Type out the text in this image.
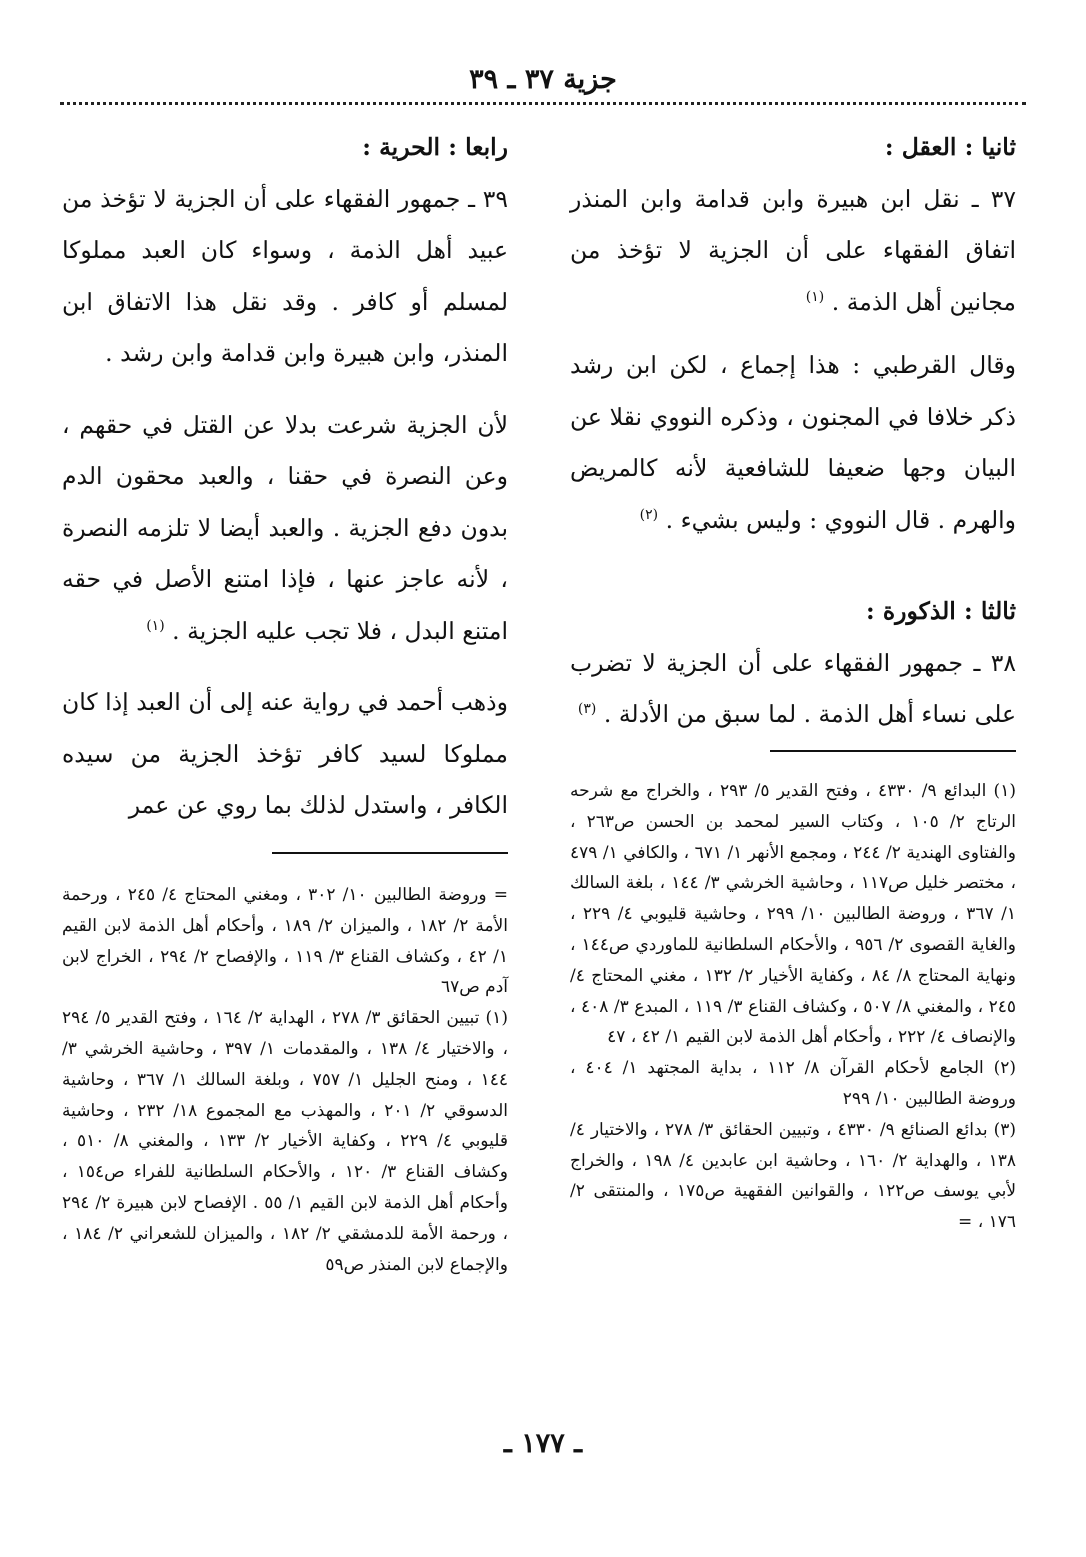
جزية ٣٧ ـ ٣٩

ثانيا : العقل :

٣٧ ـ نقل ابن هبيرة وابن قدامة وابن المنذر اتفاق الفقهاء على أن الجزية لا تؤخذ من مجانين أهل الذمة . $^{(١)}$

وقال القرطبي : هذا إجماع ، لكن ابن رشد ذكر خلافا في المجنون ، وذكره النووي نقلا عن البيان وجها ضعيفا للشافعية لأنه كالمريض والهرم . قال النووي : وليس بشيء . $^{(٢)}$

ثالثا : الذكورة :

٣٨ ـ جمهور الفقهاء على أن الجزية لا تضرب على نساء أهل الذمة . لما سبق من الأدلة . $^{(٣)}$

رابعا : الحرية :

٣٩ ـ جمهور الفقهاء على أن الجزية لا تؤخذ من عبيد أهل الذمة ، وسواء كان العبد مملوكا لمسلم أو كافر . وقد نقل هذا الاتفاق ابن المنذر، وابن هبيرة وابن قدامة وابن رشد .

لأن الجزية شرعت بدلا عن القتل في حقهم ، وعن النصرة في حقنا ، والعبد محقون الدم بدون دفع الجزية . والعبد أيضا لا تلزمه النصرة ، لأنه عاجز عنها ، فإذا امتنع الأصل في حقه امتنع البدل ، فلا تجب عليه الجزية . $^{(١)}$

وذهب أحمد في رواية عنه إلى أن العبد إذا كان مملوكا لسيد كافر تؤخذ الجزية من سيده الكافر ، واستدل لذلك بما روي عن عمر	(١) البدائع ٩/ ٤٣٣٠ ، وفتح القدير ٥/ ٢٩٣ ، والخراج مع شرحه الرتاج ٢/ ١٠٥ ، وكتاب السير لمحمد بن الحسن ص٢٦٣ ، والفتاوى الهندية ٢/ ٢٤٤ ، ومجمع الأنهر ١/ ٦٧١ ، والكافي ١/ ٤٧٩ ، مختصر خليل ص١١٧ ، وحاشية الخرشي ٣/ ١٤٤ ، بلغة السالك ١/ ٣٦٧ ، وروضة الطالبين ١٠/ ٢٩٩ ، وحاشية قليوبي ٤/ ٢٢٩ ، والغاية القصوى ٢/ ٩٥٦ ، والأحكام السلطانية للماوردي ص١٤٤ ، ونهاية المحتاج ٨/ ٨٤ ، وكفاية الأخيار ٢/ ١٣٢ ، مغني المحتاج ٤/ ٢٤٥ ، والمغني ٨/ ٥٠٧ ، وكشاف القناع ٣/ ١١٩ ، المبدع ٣/ ٤٠٨ ، والإنصاف ٤/ ٢٢٢ ، وأحكام أهل الذمة لابن القيم ١/ ٤٢ ، ٤٧

(٢) الجامع لأحكام القرآن ٨/ ١١٢ ، بداية المجتهد ١/ ٤٠٤ ، وروضة الطالبين ١٠/ ٢٩٩

(٣) بدائع الصنائع ٩/ ٤٣٣٠ ، وتبيين الحقائق ٣/ ٢٧٨ ، والاختيار ٤/ ١٣٨ ، والهداية ٢/ ١٦٠ ، وحاشية ابن عابدين ٤/ ١٩٨ ، والخراج لأبي يوسف ص١٢٢ ، والقوانين الفقهية ص١٧٥ ، والمنتقى ٢/ ١٧٦ ، =

= وروضة الطالبين ١٠/ ٣٠٢ ، ومغني المحتاج ٤/ ٢٤٥ ، ورحمة الأمة ٢/ ١٨٢ ، والميزان ٢/ ١٨٩ ، وأحكام أهل الذمة لابن القيم ١/ ٤٢ ، وكشاف القناع ٣/ ١١٩ ، والإفصاح ٢/ ٢٩٤ ، الخراج لابن آدم ص٦٧

(١) تبيين الحقائق ٣/ ٢٧٨ ، الهداية ٢/ ١٦٤ ، وفتح القدير ٥/ ٢٩٤ ، والاختيار ٤/ ١٣٨ ، والمقدمات ١/ ٣٩٧ ، وحاشية الخرشي ٣/ ١٤٤ ، ومنح الجليل ١/ ٧٥٧ ، وبلغة السالك ١/ ٣٦٧ ، وحاشية الدسوقي ٢/ ٢٠١ ، والمهذب مع المجموع ١٨/ ٢٣٢ ، وحاشية قليوبي ٤/ ٢٢٩ ، وكفاية الأخيار ٢/ ١٣٣ ، والمغني ٨/ ٥١٠ ، وكشاف القناع ٣/ ١٢٠ ، والأحكام السلطانية للفراء ص١٥٤ ، وأحكام أهل الذمة لابن القيم ١/ ٥٥ . الإفصاح لابن هبيرة ٢/ ٢٩٤ ، ورحمة الأمة للدمشقي ٢/ ١٨٢ ، والميزان للشعراني ٢/ ١٨٤ ، والإجماع لابن المنذر ص٥٩

ـ ١٧٧ ـ
